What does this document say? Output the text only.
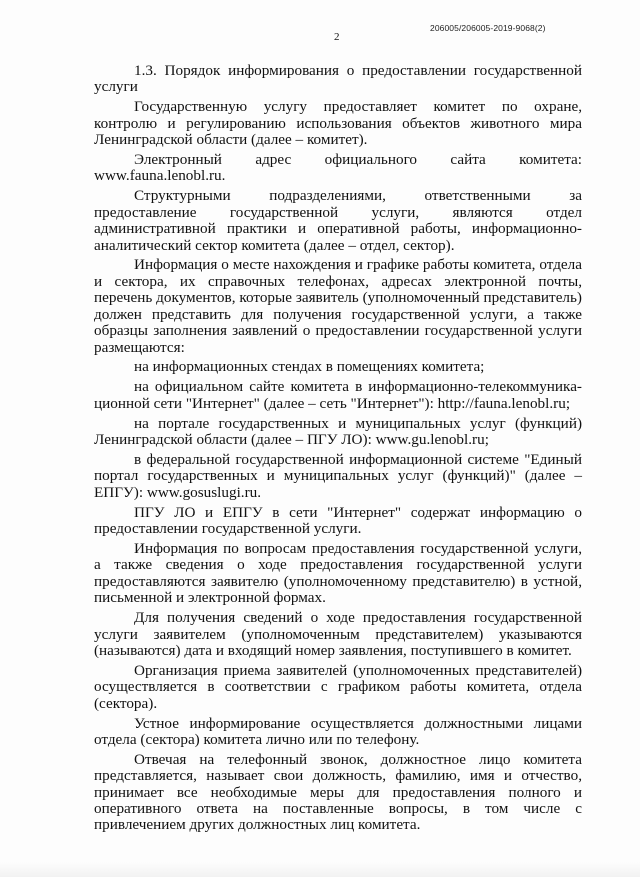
206005/206005-2019-9068(2)
2

1.3. Порядок информирования о предоставлении государственной услуги

Государственную услугу предоставляет комитет по охране, контролю и регулированию использования объектов животного мира Ленинградской области (далее – комитет).

Электронный адрес официального сайта комитета: www.fauna.lenobl.ru.

Структурными подразделениями, ответственными за предоставление государственной услуги, являются отдел административной практики и оперативной работы, информационно-аналитический сектор комитета (далее – отдел, сектор).

Информация о месте нахождения и графике работы комитета, отдела и сектора, их справочных телефонах, адресах электронной почты, перечень документов, которые заявитель (уполномоченный представитель) должен представить для получения государственной услуги, а также образцы заполнения заявлений о предоставлении государственной услуги размещаются:

на информационных стендах в помещениях комитета;

на официальном сайте комитета в информационно-телекоммуника-ционной сети "Интернет" (далее – сеть "Интернет"): http://fauna.lenobl.ru;

на портале государственных и муниципальных услуг (функций) Ленинградской области (далее – ПГУ ЛО): www.gu.lenobl.ru;

в федеральной государственной информационной системе "Единый портал государственных и муниципальных услуг (функций)" (далее – ЕПГУ): www.gosuslugi.ru.

ПГУ ЛО и ЕПГУ в сети "Интернет" содержат информацию о предоставлении государственной услуги.

Информация по вопросам предоставления государственной услуги, а также сведения о ходе предоставления государственной услуги предоставляются заявителю (уполномоченному представителю) в устной, письменной и электронной формах.

Для получения сведений о ходе предоставления государственной услуги заявителем (уполномоченным представителем) указываются (называются) дата и входящий номер заявления, поступившего в комитет.

Организация приема заявителей (уполномоченных представителей) осуществляется в соответствии с графиком работы комитета, отдела (сектора).

Устное информирование осуществляется должностными лицами отдела (сектора) комитета лично или по телефону.

Отвечая на телефонный звонок, должностное лицо комитета представляется, называет свои должность, фамилию, имя и отчество, принимает все необходимые меры для предоставления полного и оперативного ответа на поставленные вопросы, в том числе с привлечением других должностных лиц комитета.
